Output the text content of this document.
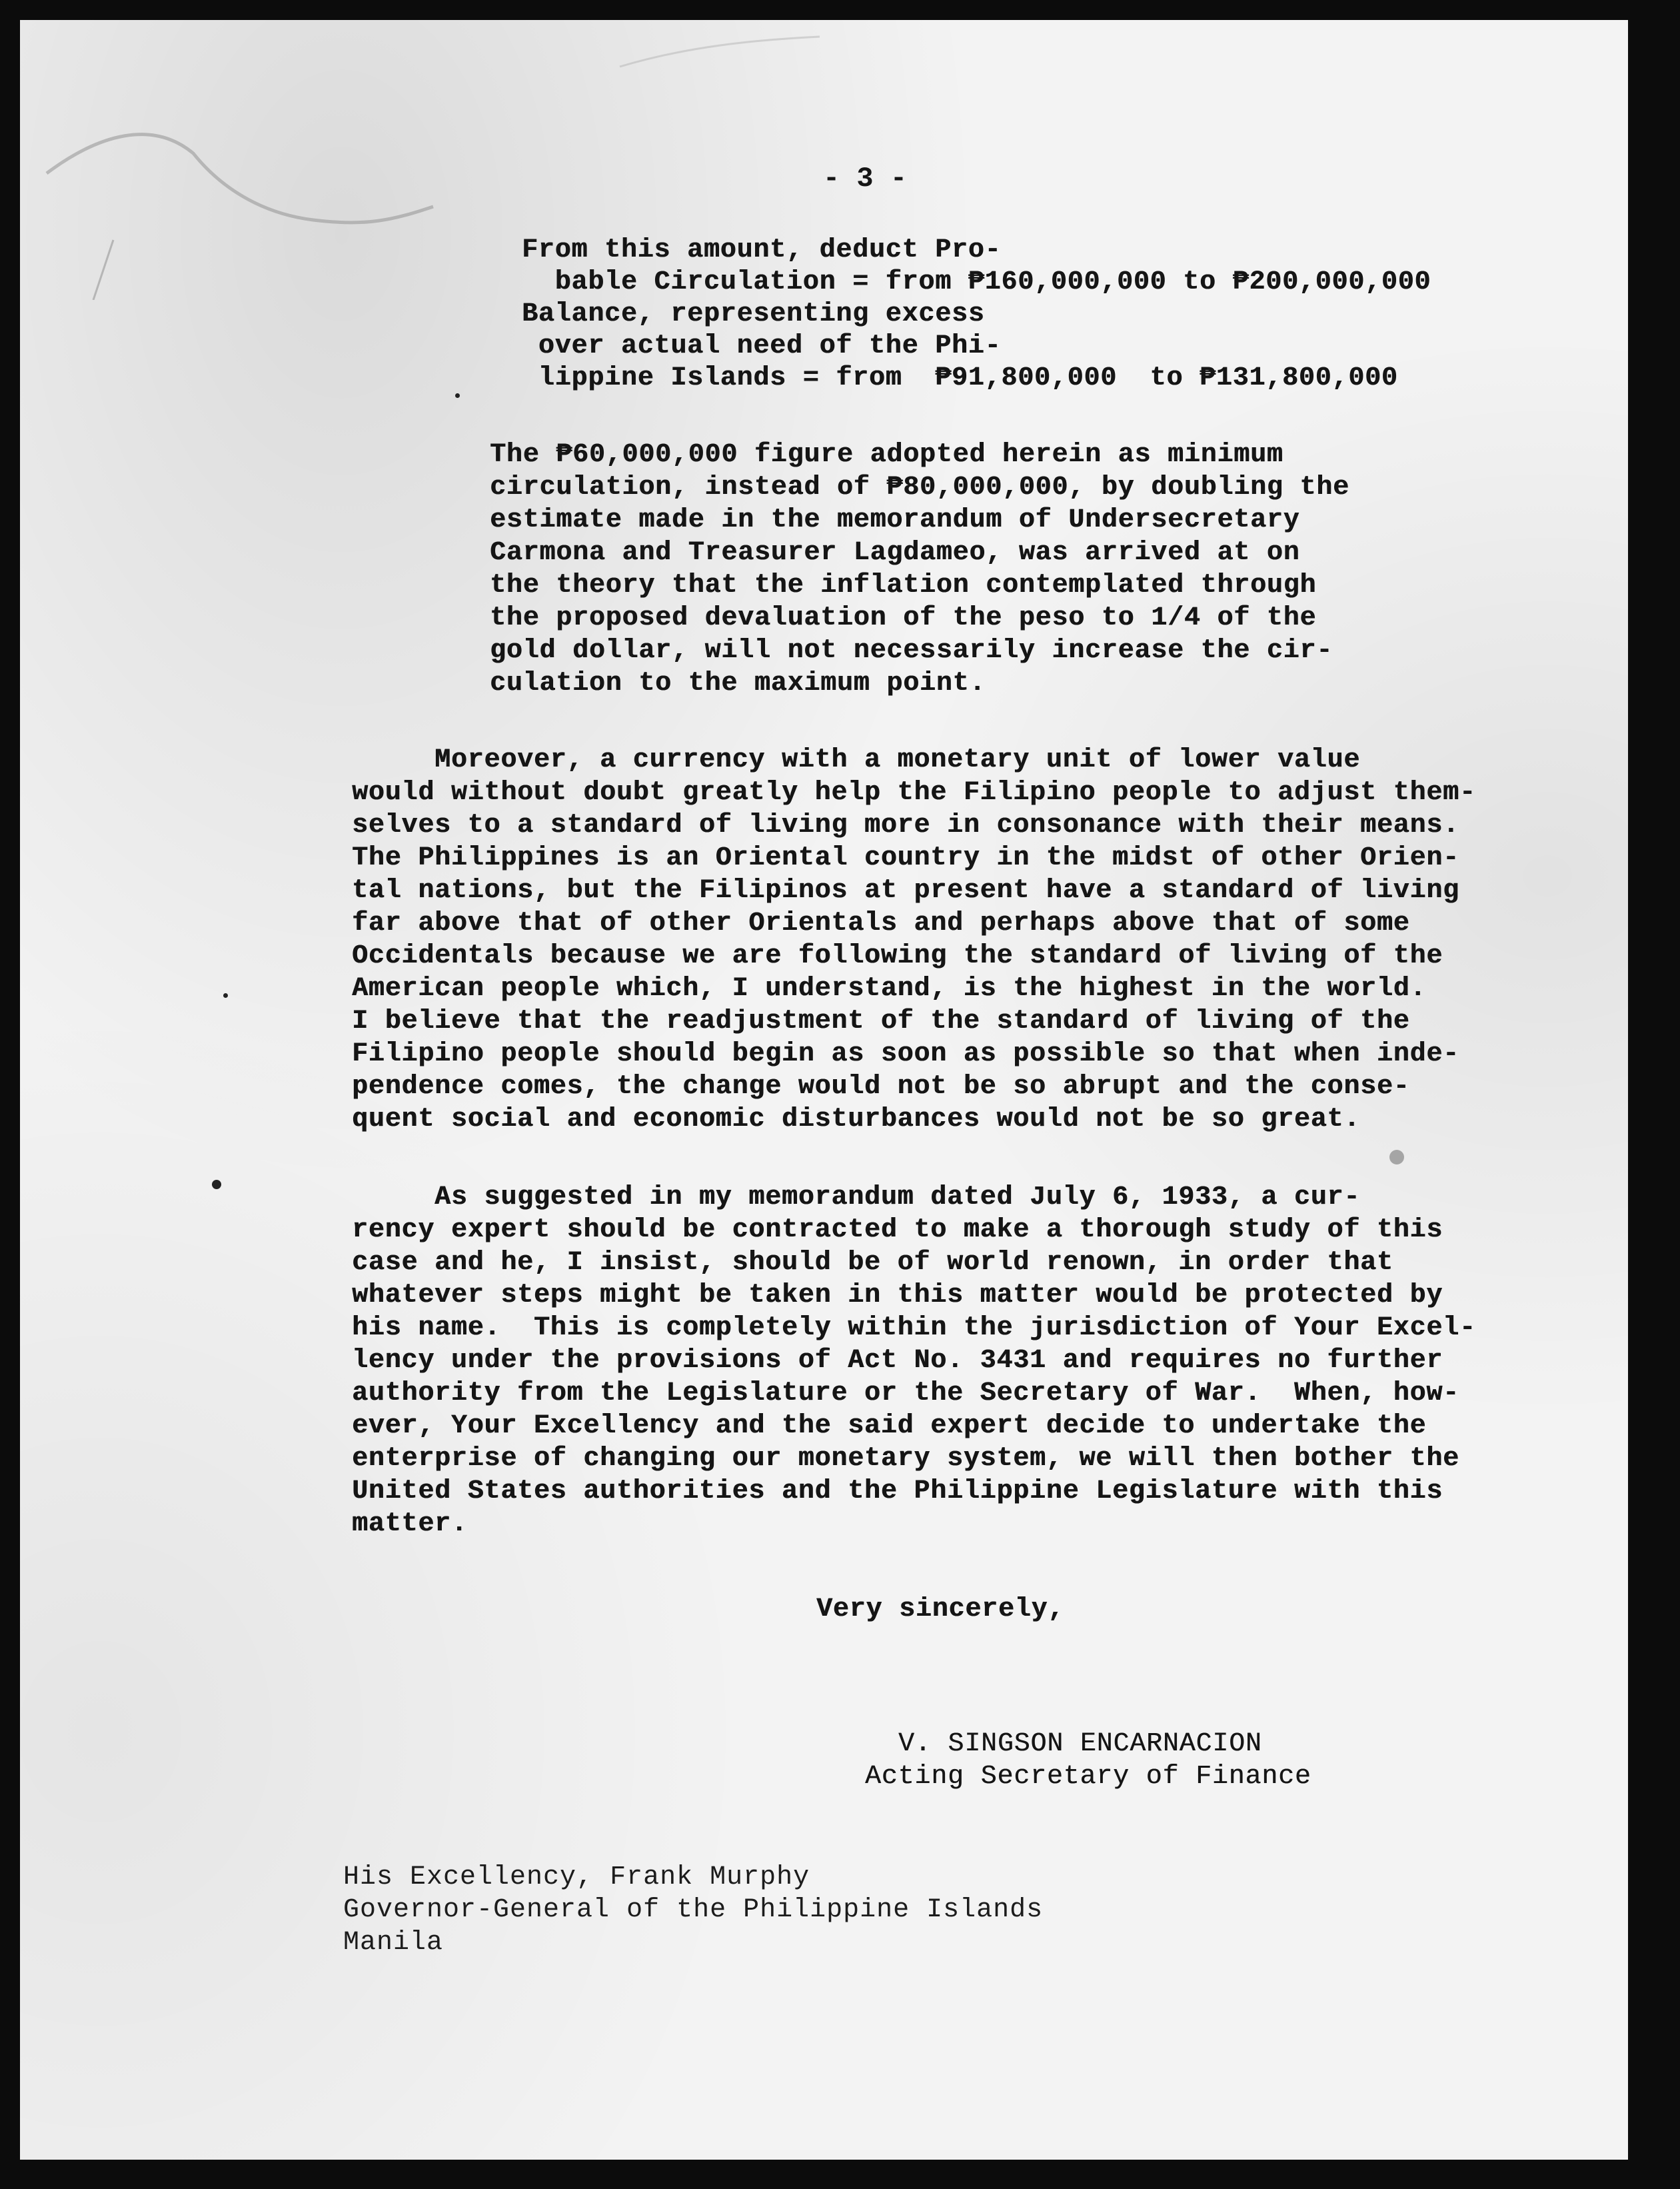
- 3 -
From this amount, deduct Pro-
bable Circulation = from ₱160,000,000 to ₱200,000,000
Balance, representing excess
over actual need of the Phi-
lippine Islands = from  ₱91,800,000  to ₱131,800,000
The ₱60,000,000 figure adopted herein as minimum
circulation, instead of ₱80,000,000, by doubling the
estimate made in the memorandum of Undersecretary
Carmona and Treasurer Lagdameo, was arrived at on
the theory that the inflation contemplated through
the proposed devaluation of the peso to 1/4 of the
gold dollar, will not necessarily increase the cir-
culation to the maximum point.
Moreover, a currency with a monetary unit of lower value
would without doubt greatly help the Filipino people to adjust them-
selves to a standard of living more in consonance with their means.
The Philippines is an Oriental country in the midst of other Orien-
tal nations, but the Filipinos at present have a standard of living
far above that of other Orientals and perhaps above that of some
Occidentals because we are following the standard of living of the
American people which, I understand, is the highest in the world.
I believe that the readjustment of the standard of living of the
Filipino people should begin as soon as possible so that when inde-
pendence comes, the change would not be so abrupt and the conse-
quent social and economic disturbances would not be so great.
As suggested in my memorandum dated July 6, 1933, a cur-
rency expert should be contracted to make a thorough study of this
case and he, I insist, should be of world renown, in order that
whatever steps might be taken in this matter would be protected by
his name.  This is completely within the jurisdiction of Your Excel-
lency under the provisions of Act No. 3431 and requires no further
authority from the Legislature or the Secretary of War.  When, how-
ever, Your Excellency and the said expert decide to undertake the
enterprise of changing our monetary system, we will then bother the
United States authorities and the Philippine Legislature with this
matter.
Very sincerely,
V. SINGSON ENCARNACION
Acting Secretary of Finance
His Excellency, Frank Murphy
Governor-General of the Philippine Islands
Manila
